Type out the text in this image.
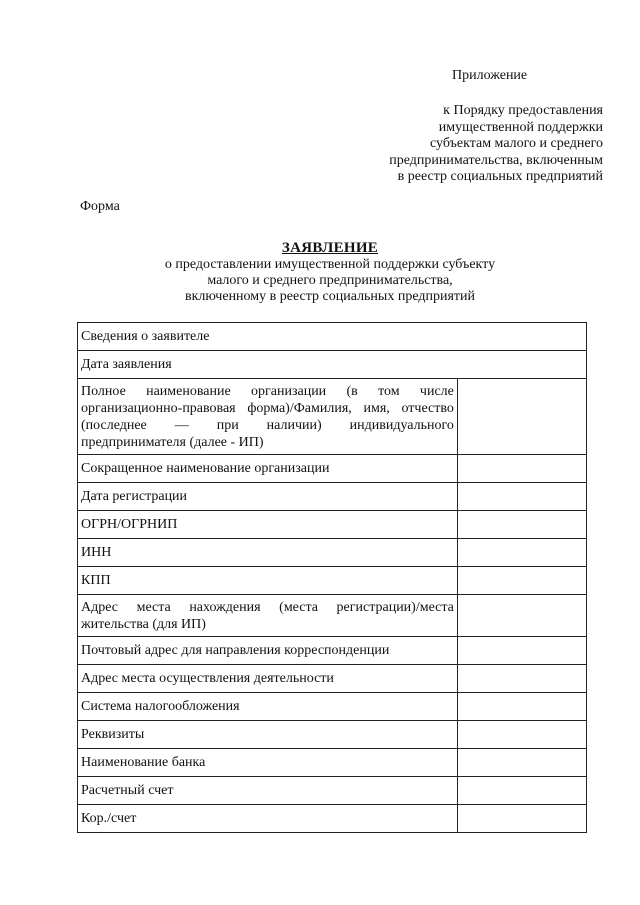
Приложение
к Порядку предоставления
имущественной поддержки
субъектам малого и среднего
предпринимательства, включенным
в реестр социальных предприятий
Форма
ЗАЯВЛЕНИЕ
о предоставлении имущественной поддержки субъекту
малого и среднего предпринимательства,
включенному в реестр социальных предприятий
Сведения о заявителе	
Дата заявления	
Полное наименование организации (в том числе организационно-правовая форма)/Фамилия, имя, отчество (последнее — при наличии) индивидуального предпринимателя (далее - ИП)	
Сокращенное наименование организации	
Дата регистрации	
ОГРН/ОГРНИП	
ИНН	
КПП	
Адрес места нахождения (места регистрации)/места жительства (для ИП)	
Почтовый адрес для направления корреспонденции	
Адрес места осуществления деятельности	
Система налогообложения	
Реквизиты	
Наименование банка	
Расчетный счет	
Кор./счет	
